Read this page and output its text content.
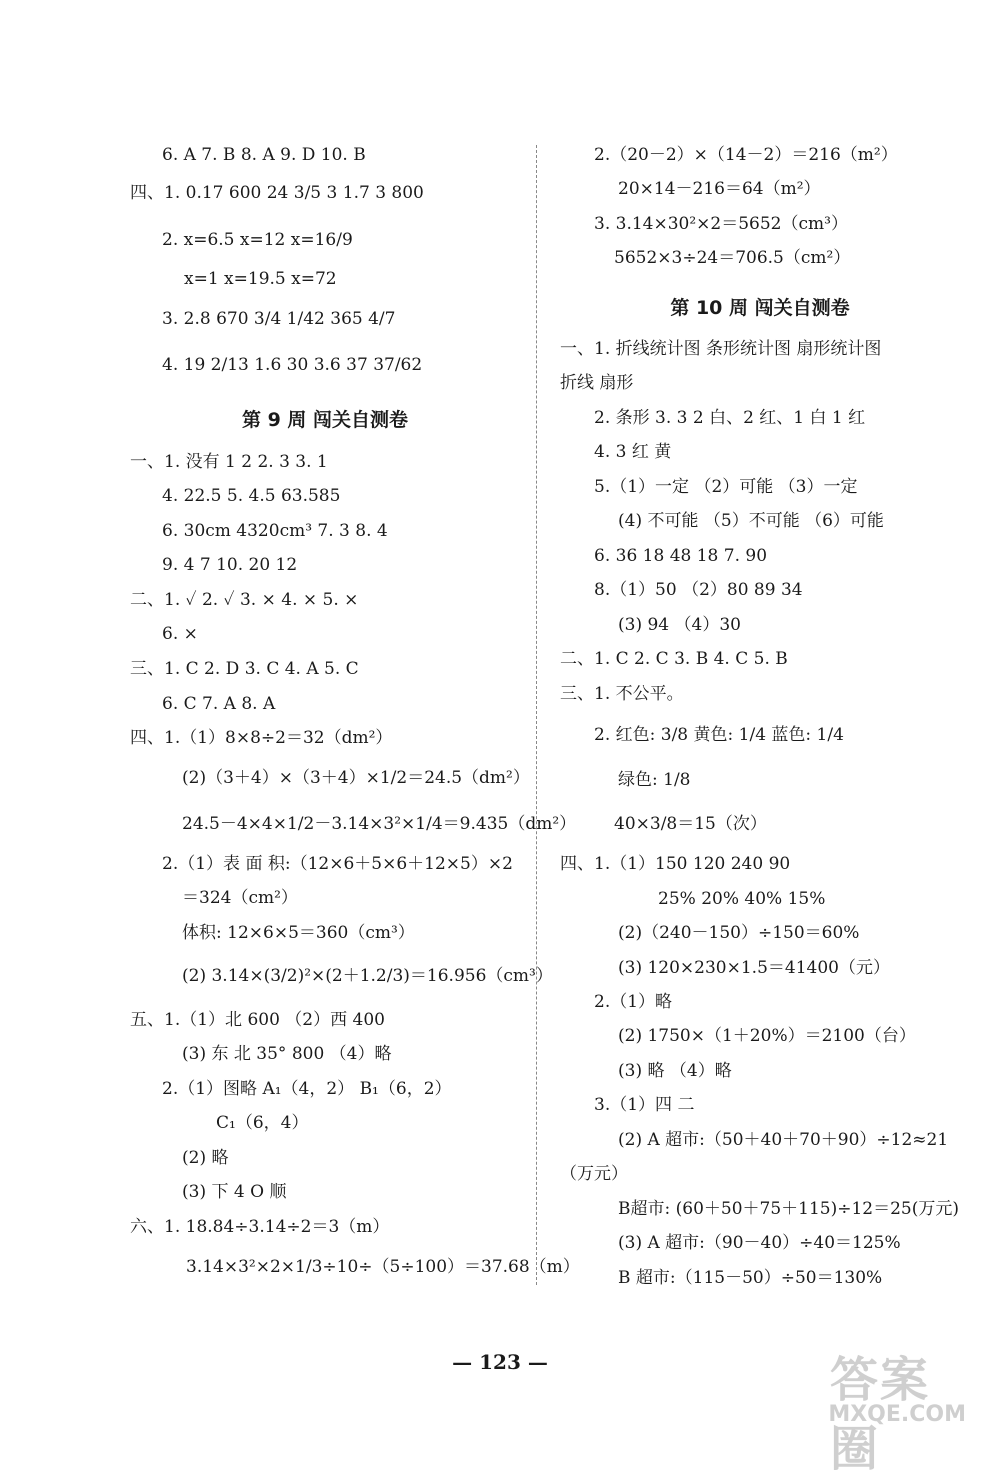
6. A 7. B 8. A 9. D 10. B
四、1. 0.17 600 24 3/5 3 1.7 3 800
2. x=6.5 x=12 x=16/9
x=1 x=19.5 x=72
3. 2.8 670 3/4 1/42 365 4/7
4. 19 2/13 1.6 30 3.6 37 37/62
第 9 周 闯关自测卷
一、1. 没有 1 2 2. 3 3. 1
4. 22.5 5. 4.5 63.585
6. 30cm 4320cm³ 7. 3 8. 4
9. 4 7 10. 20 12
二、1. ✓ 2. ✓ 3. × 4. × 5. ×
6. ×
三、1. C 2. D 3. C 4. A 5. C
6. C 7. A 8. A
四、1.（1）8×8÷2＝32（dm²）
(2)（3＋4）×（3＋4）×1/2＝24.5（dm²）
24.5－4×4×1/2－3.14×3²×1/4＝9.435（dm²）
2.（1）表 面 积:（12×6＋5×6＋12×5）×2
＝324（cm²）
体积: 12×6×5＝360（cm³）
(2) 3.14×(3/2)²×(2＋1.2/3)＝16.956（cm³）
五、1.（1）北 600 （2）西 400
(3) 东 北 35° 800 （4）略
2.（1）图略 A₁（4，2） B₁（6，2）
C₁（6，4）
(2) 略
(3) 下 4 O 顺
六、1. 18.84÷3.14÷2＝3（m）
3.14×3²×2×1/3÷10÷（5÷100）＝37.68（m）
2.（20－2）×（14－2）＝216（m²）
20×14－216＝64（m²）
3. 3.14×30²×2＝5652（cm³）
5652×3÷24＝706.5（cm²）
第 10 周 闯关自测卷
一、1. 折线统计图 条形统计图 扇形统计图
折线 扇形
2. 条形 3. 3 2 白、2 红、1 白 1 红
4. 3 红 黄
5.（1）一定 （2）可能 （3）一定
(4) 不可能 （5）不可能 （6）可能
6. 36 18 48 18 7. 90
8.（1）50 （2）80 89 34
(3) 94 （4）30
二、1. C 2. C 3. B 4. C 5. B
三、1. 不公平。
2. 红色: 3/8 黄色: 1/4 蓝色: 1/4
绿色: 1/8
40×3/8＝15（次）
四、1.（1）150 120 240 90
25% 20% 40% 15%
(2)（240－150）÷150＝60%
(3) 120×230×1.5＝41400（元）
2.（1）略
(2) 1750×（1＋20%）＝2100（台）
(3) 略 （4）略
3.（1）四 二
(2) A 超市:（50＋40＋70＋90）÷12≈21
（万元）
B超市: (60＋50＋75＋115)÷12＝25(万元)
(3) A 超市:（90－40）÷40＝125%
B 超市:（115－50）÷50＝130%
— 123 —	答案圈
MXQE.COM
